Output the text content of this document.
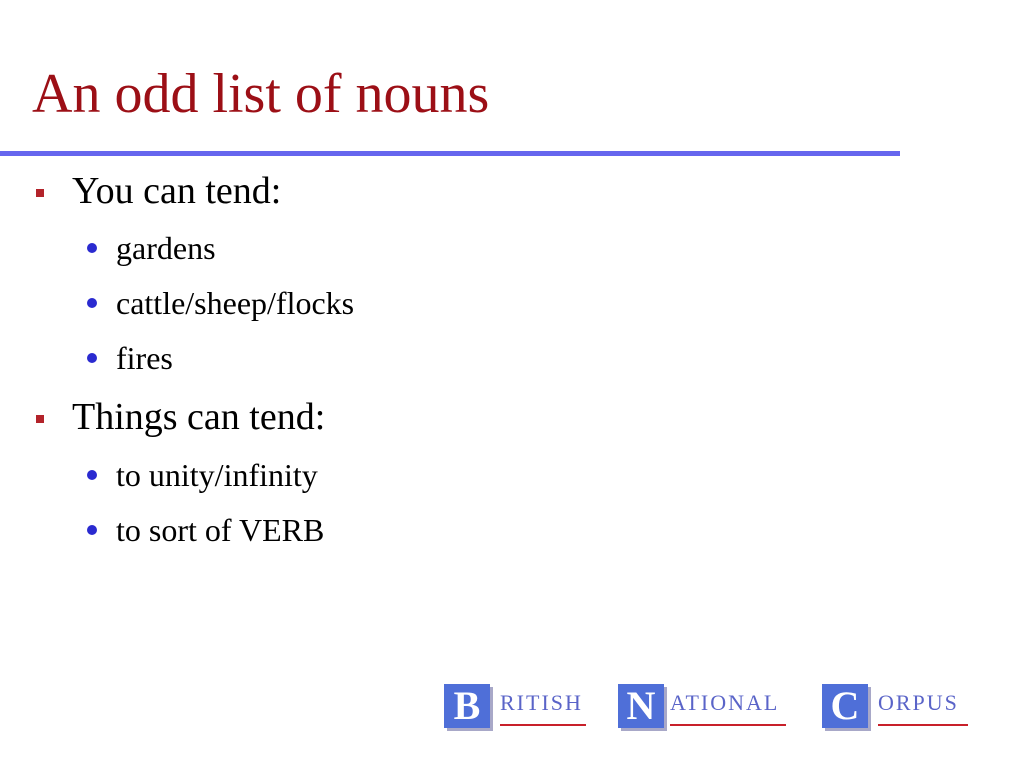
An odd list of nouns

You can tend:

gardens

cattle/sheep/flocks

fires

Things can tend:

to unity/infinity

to sort of VERB

B RITISH N ATIONAL C ORPUS
